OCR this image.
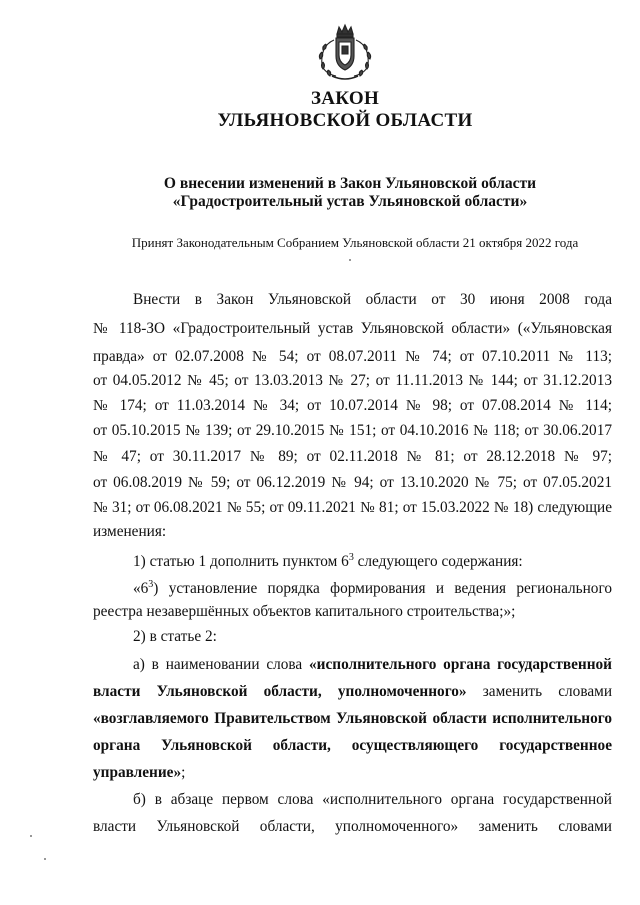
ЗАКОН
УЛЬЯНОВСКОЙ ОБЛАСТИ
О внесении изменений в Закон Ульяновской области
«Градостроительный устав Ульяновской области»
Принят Законодательным Собранием Ульяновской области 21 октября 2022 года
Внести в Закон Ульяновской области от 30 июня 2008 года
№ 118-ЗО «Градостроительный устав Ульяновской области» («Ульяновская
правда» от 02.07.2008 № 54; от 08.07.2011 № 74; от 07.10.2011 № 113;
от 04.05.2012 № 45; от 13.03.2013 № 27; от 11.11.2013 № 144; от 31.12.2013
№ 174; от 11.03.2014 № 34; от 10.07.2014 № 98; от 07.08.2014 № 114;
от 05.10.2015 № 139; от 29.10.2015 № 151; от 04.10.2016 № 118; от 30.06.2017
№ 47; от 30.11.2017 № 89; от 02.11.2018 № 81; от 28.12.2018 № 97;
от 06.08.2019 № 59; от 06.12.2019 № 94; от 13.10.2020 № 75; от 07.05.2021
№ 31; от 06.08.2021 № 55; от 09.11.2021 № 81; от 15.03.2022 № 18) следующие
изменения:
1) статью 1 дополнить пунктом $6^3$ следующего содержания:
«$6^3$) установление порядка формирования и ведения регионального
реестра незавершённых объектов капитального строительства;»;
2) в статье 2:
а) в наименовании слова «исполнительного органа государственной
власти Ульяновской области, уполномоченного» заменить словами
«возглавляемого Правительством Ульяновской области исполнительного
органа Ульяновской области, осуществляющего государственное
управление»;
б) в абзаце первом слова «исполнительного органа государственной
власти Ульяновской области, уполномоченного» заменить словами
